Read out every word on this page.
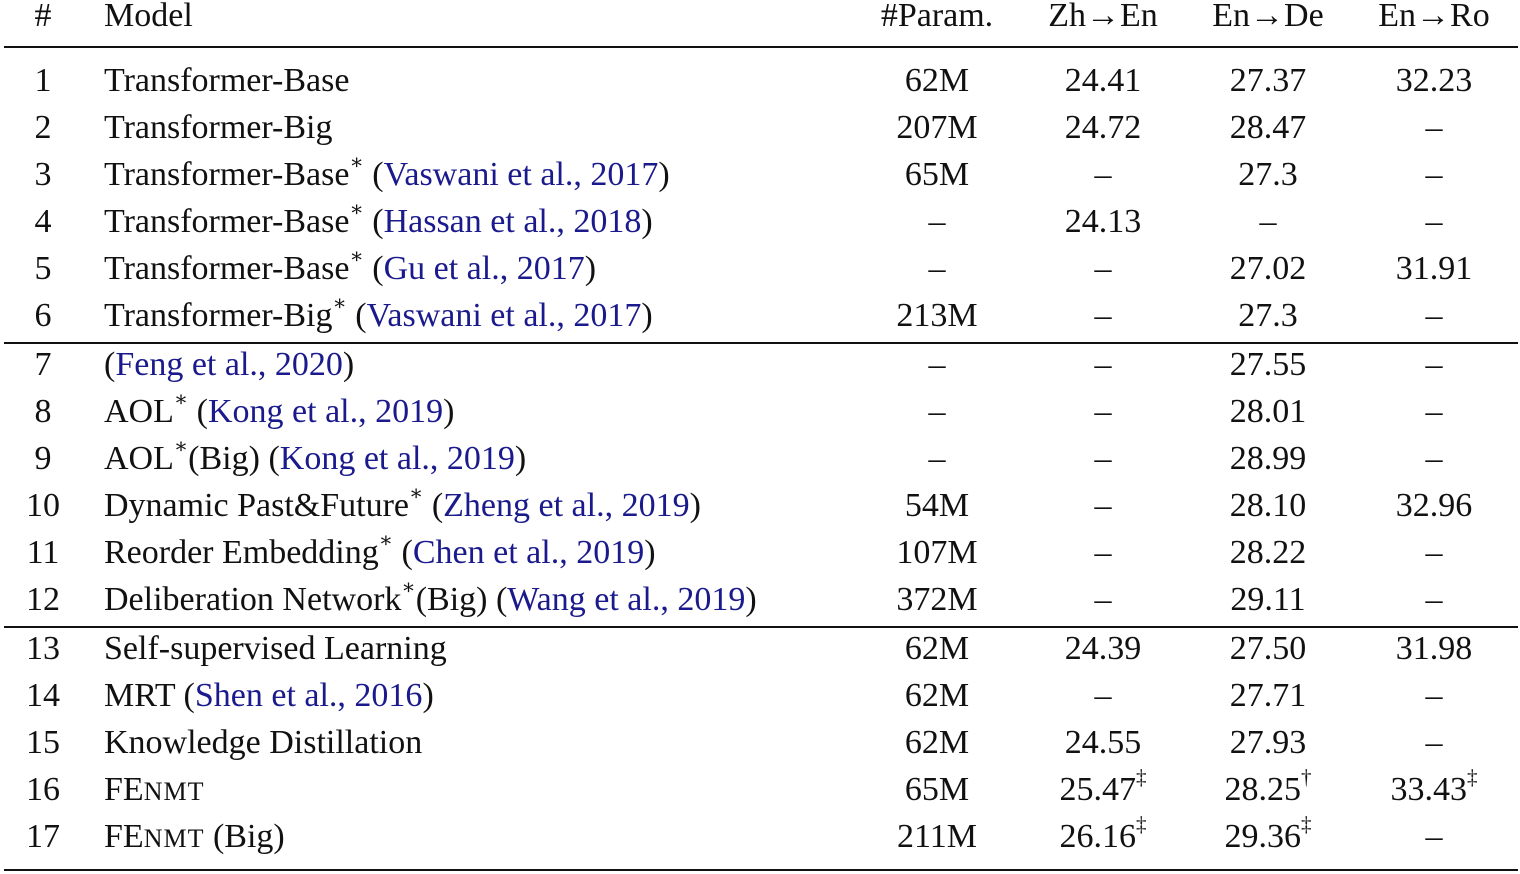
#	Model	#Param.	Zh→En	En→De	En→Ro
1	Transformer-Base	62M	24.41	27.37	32.23
2	Transformer-Big	207M	24.72	28.47	–
3	Transformer-Base∗ (Vaswani et al., 2017)	65M	–	27.3	–
4	Transformer-Base∗ (Hassan et al., 2018)	–	24.13	–	–
5	Transformer-Base∗ (Gu et al., 2017)	–	–	27.02	31.91
6	Transformer-Big∗ (Vaswani et al., 2017)	213M	–	27.3	–
7	(Feng et al., 2020)	–	–	27.55	–
8	AOL∗ (Kong et al., 2019)	–	–	28.01	–
9	AOL∗(Big) (Kong et al., 2019)	–	–	28.99	–
10	Dynamic Past&Future∗ (Zheng et al., 2019)	54M	–	28.10	32.96
11	Reorder Embedding∗ (Chen et al., 2019)	107M	–	28.22	–
12	Deliberation Network∗(Big) (Wang et al., 2019)	372M	–	29.11	–
13	Self-supervised Learning	62M	24.39	27.50	31.98
14	MRT (Shen et al., 2016)	62M	–	27.71	–
15	Knowledge Distillation	62M	24.55	27.93	–
16	FENMT	65M	25.47‡	28.25†	33.43‡
17	FENMT (Big)	211M	26.16‡	29.36‡	–
